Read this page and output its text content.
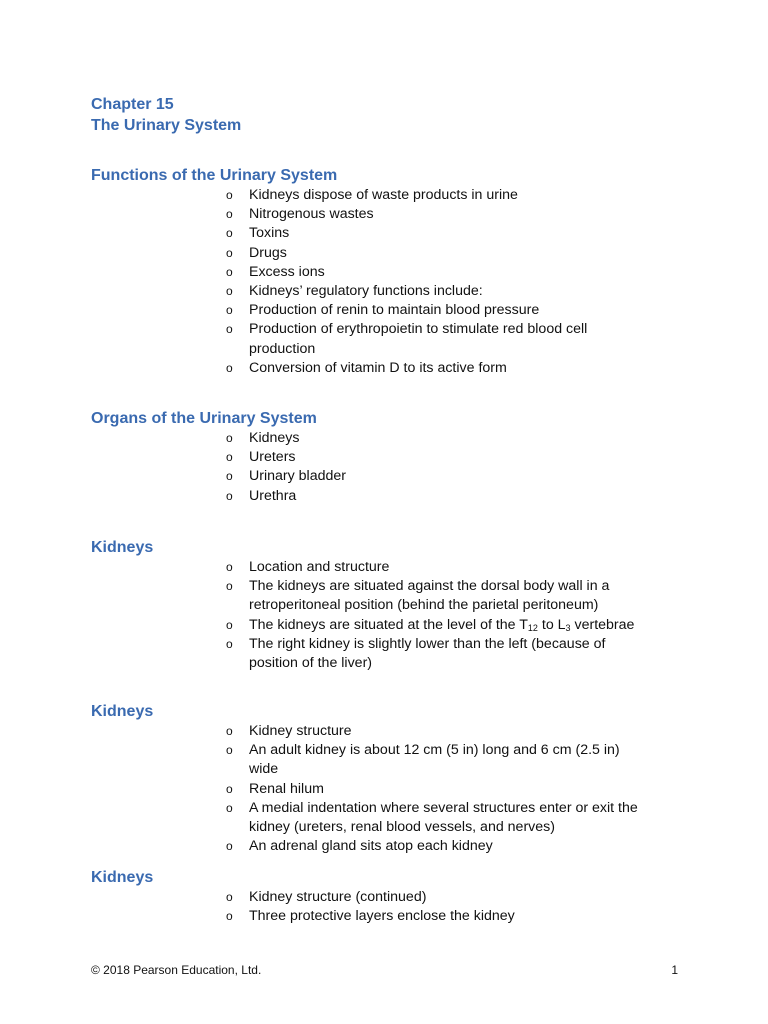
Chapter 15
The Urinary System
Functions of the Urinary System
o Kidneys dispose of waste products in urine
o Nitrogenous wastes
o Toxins
o Drugs
o Excess ions
o Kidneys’ regulatory functions include:
o Production of renin to maintain blood pressure
o Production of erythropoietin to stimulate red blood cell production
o Conversion of vitamin D to its active form
Organs of the Urinary System
o Kidneys
o Ureters
o Urinary bladder
o Urethra
Kidneys
o Location and structure
o The kidneys are situated against the dorsal body wall in a retroperitoneal position (behind the parietal peritoneum)
o The kidneys are situated at the level of the $T_{12}$ to $L_3$ vertebrae
o The right kidney is slightly lower than the left (because of position of the liver)
Kidneys
o Kidney structure
o An adult kidney is about 12 cm (5 in) long and 6 cm (2.5 in) wide
o Renal hilum
o A medial indentation where several structures enter or exit the kidney (ureters, renal blood vessels, and nerves)
o An adrenal gland sits atop each kidney
Kidneys
o Kidney structure (continued)
o Three protective layers enclose the kidney
© 2018 Pearson Education, Ltd.	1
